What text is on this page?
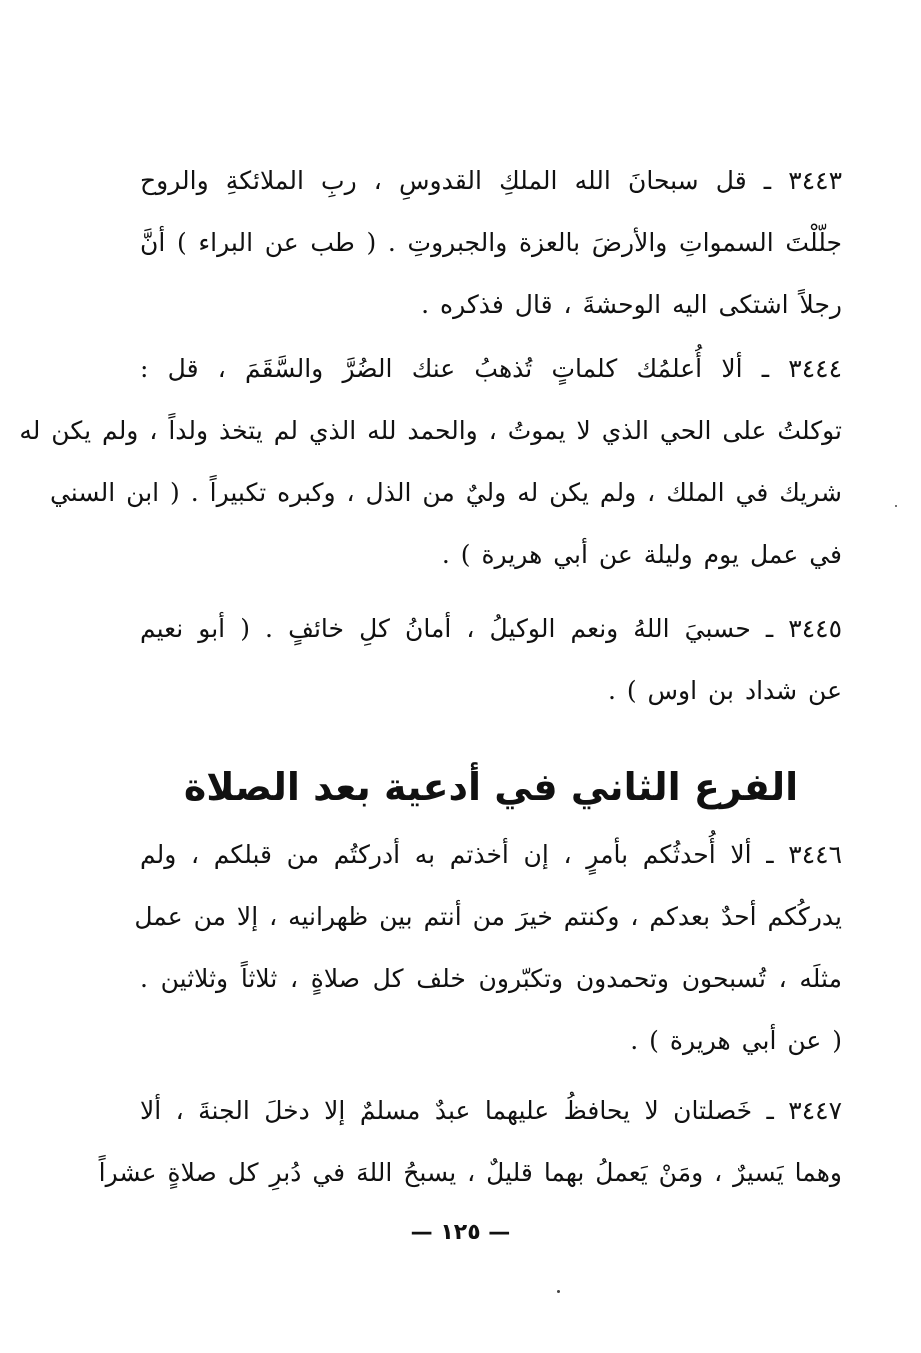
٣٤٤٣ ـ قل سبحانَ الله الملكِ القدوسِ ، ربِ الملائكةِ والروح
جلّلْتَ السمواتِ والأرضَ بالعزة والجبروتِ . ( طب عن البراء ) أنَّ
رجلاً اشتكى اليه الوحشةَ ، قال فذكره .
٣٤٤٤ ـ ألا أُعلمُك كلماتٍ تُذهبُ عنك الضُرَّ والسَّقَمَ ، قل :
توكلتُ على الحي الذي لا يموتُ ، والحمد لله الذي لم يتخذ ولداً ، ولم يكن له
شريك في الملك ، ولم يكن له وليٌ من الذل ، وكبره تكبيراً . ( ابن السني
في عمل يوم وليلة عن أبي هريرة ) .
٣٤٤٥ ـ حسبيَ اللهُ ونعم الوكيلُ ، أمانُ كلِ خائفٍ . ( أبو نعيم
عن شداد بن اوس ) .
الفرع الثاني في أدعية بعد الصلاة
٣٤٤٦ ـ ألا أُحدثُكم بأمرٍ ، إن أخذتم به أدركتُم من قبلكم ، ولم
يدركُكم أحدٌ بعدكم ، وكنتم خيرَ من أنتم بين ظهرانيه ، إلا من عمل
مثلَه ، تُسبحون وتحمدون وتكبّرون خلف كل صلاةٍ ، ثلاثاً وثلاثين .
( عن أبي هريرة ) .
٣٤٤٧ ـ خَصلتان لا يحافظُ عليهما عبدٌ مسلمٌ إلا دخلَ الجنةَ ، ألا
وهما يَسيرٌ ، ومَنْ يَعملُ بهما قليلٌ ، يسبحُ اللهَ في دُبرِ كل صلاةٍ عشراً
— ١٢٥ —
